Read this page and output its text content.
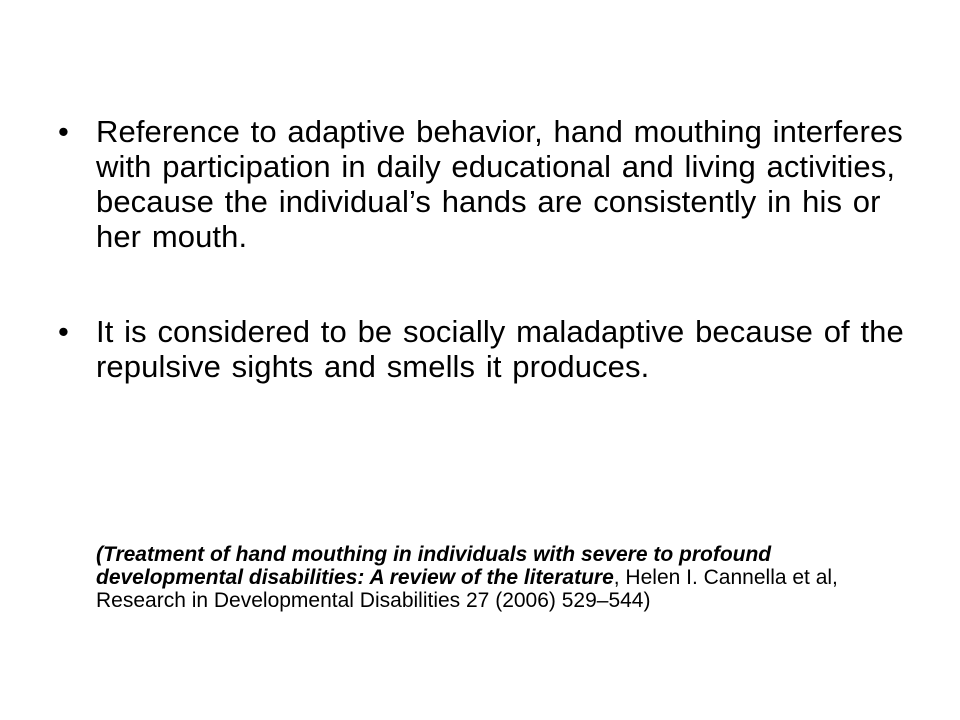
• Reference to adaptive behavior, hand mouthing interferes with participation in daily educational and living activities, because the individual’s hands are consistently in his or her mouth.
• It is considered to be socially maladaptive because of the repulsive sights and smells it produces.

(Treatment of hand mouthing in individuals with severe to profound developmental disabilities: A review of the literature, Helen I. Cannella et al, Research in Developmental Disabilities 27 (2006) 529–544)
